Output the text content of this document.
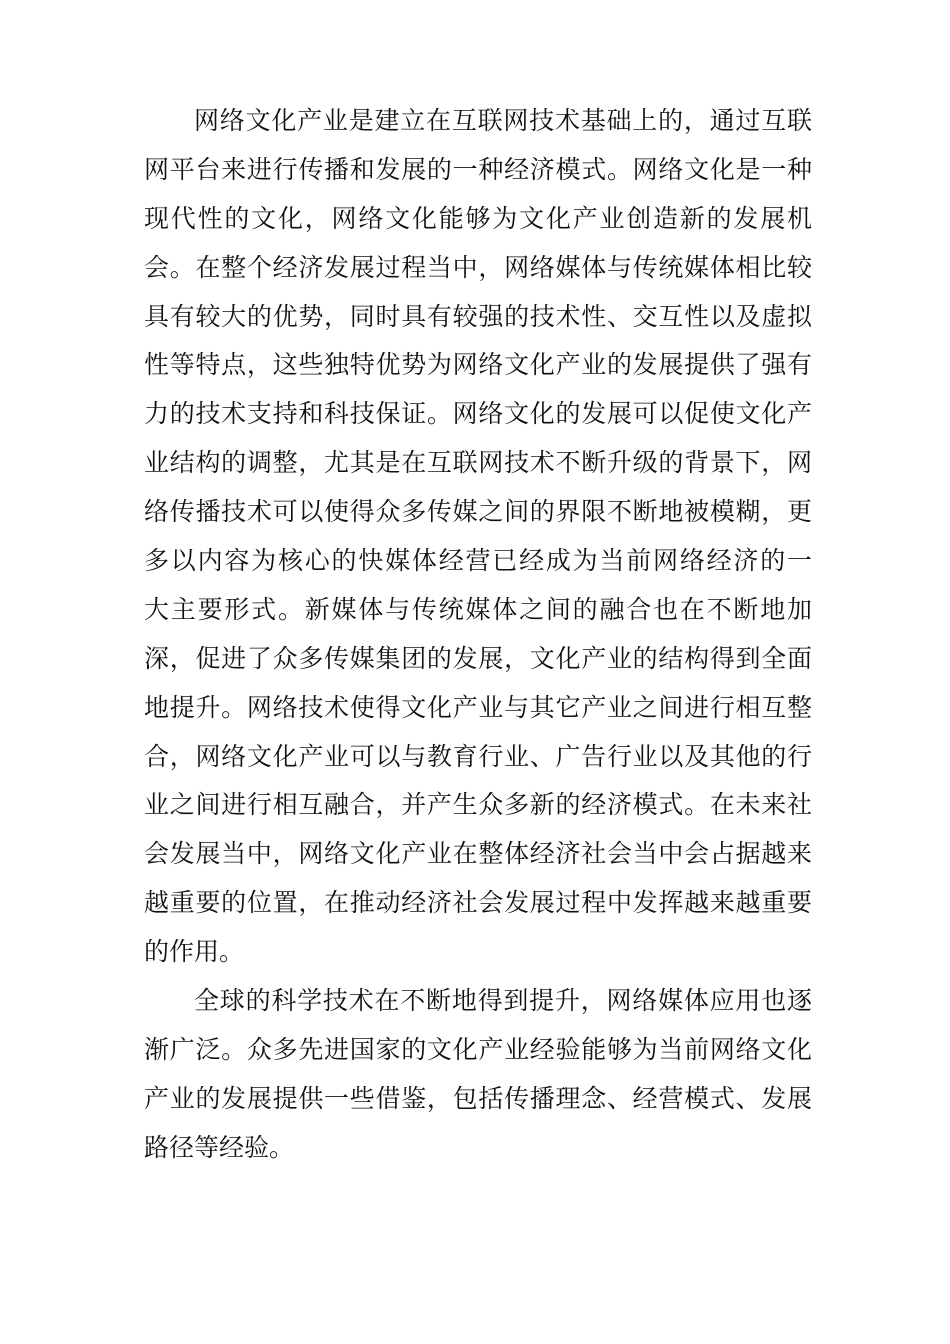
网络文化产业是建立在互联网技术基础上的，通过互联
网平台来进行传播和发展的一种经济模式。网络文化是一种
现代性的文化，网络文化能够为文化产业创造新的发展机
会。在整个经济发展过程当中，网络媒体与传统媒体相比较
具有较大的优势，同时具有较强的技术性、交互性以及虚拟
性等特点，这些独特优势为网络文化产业的发展提供了强有
力的技术支持和科技保证。网络文化的发展可以促使文化产
业结构的调整，尤其是在互联网技术不断升级的背景下，网
络传播技术可以使得众多传媒之间的界限不断地被模糊，更
多以内容为核心的快媒体经营已经成为当前网络经济的一
大主要形式。新媒体与传统媒体之间的融合也在不断地加
深，促进了众多传媒集团的发展，文化产业的结构得到全面
地提升。网络技术使得文化产业与其它产业之间进行相互整
合，网络文化产业可以与教育行业、广告行业以及其他的行
业之间进行相互融合，并产生众多新的经济模式。在未来社
会发展当中，网络文化产业在整体经济社会当中会占据越来
越重要的位置，在推动经济社会发展过程中发挥越来越重要
的作用。
全球的科学技术在不断地得到提升，网络媒体应用也逐
渐广泛。众多先进国家的文化产业经验能够为当前网络文化
产业的发展提供一些借鉴，包括传播理念、经营模式、发展
路径等经验。
